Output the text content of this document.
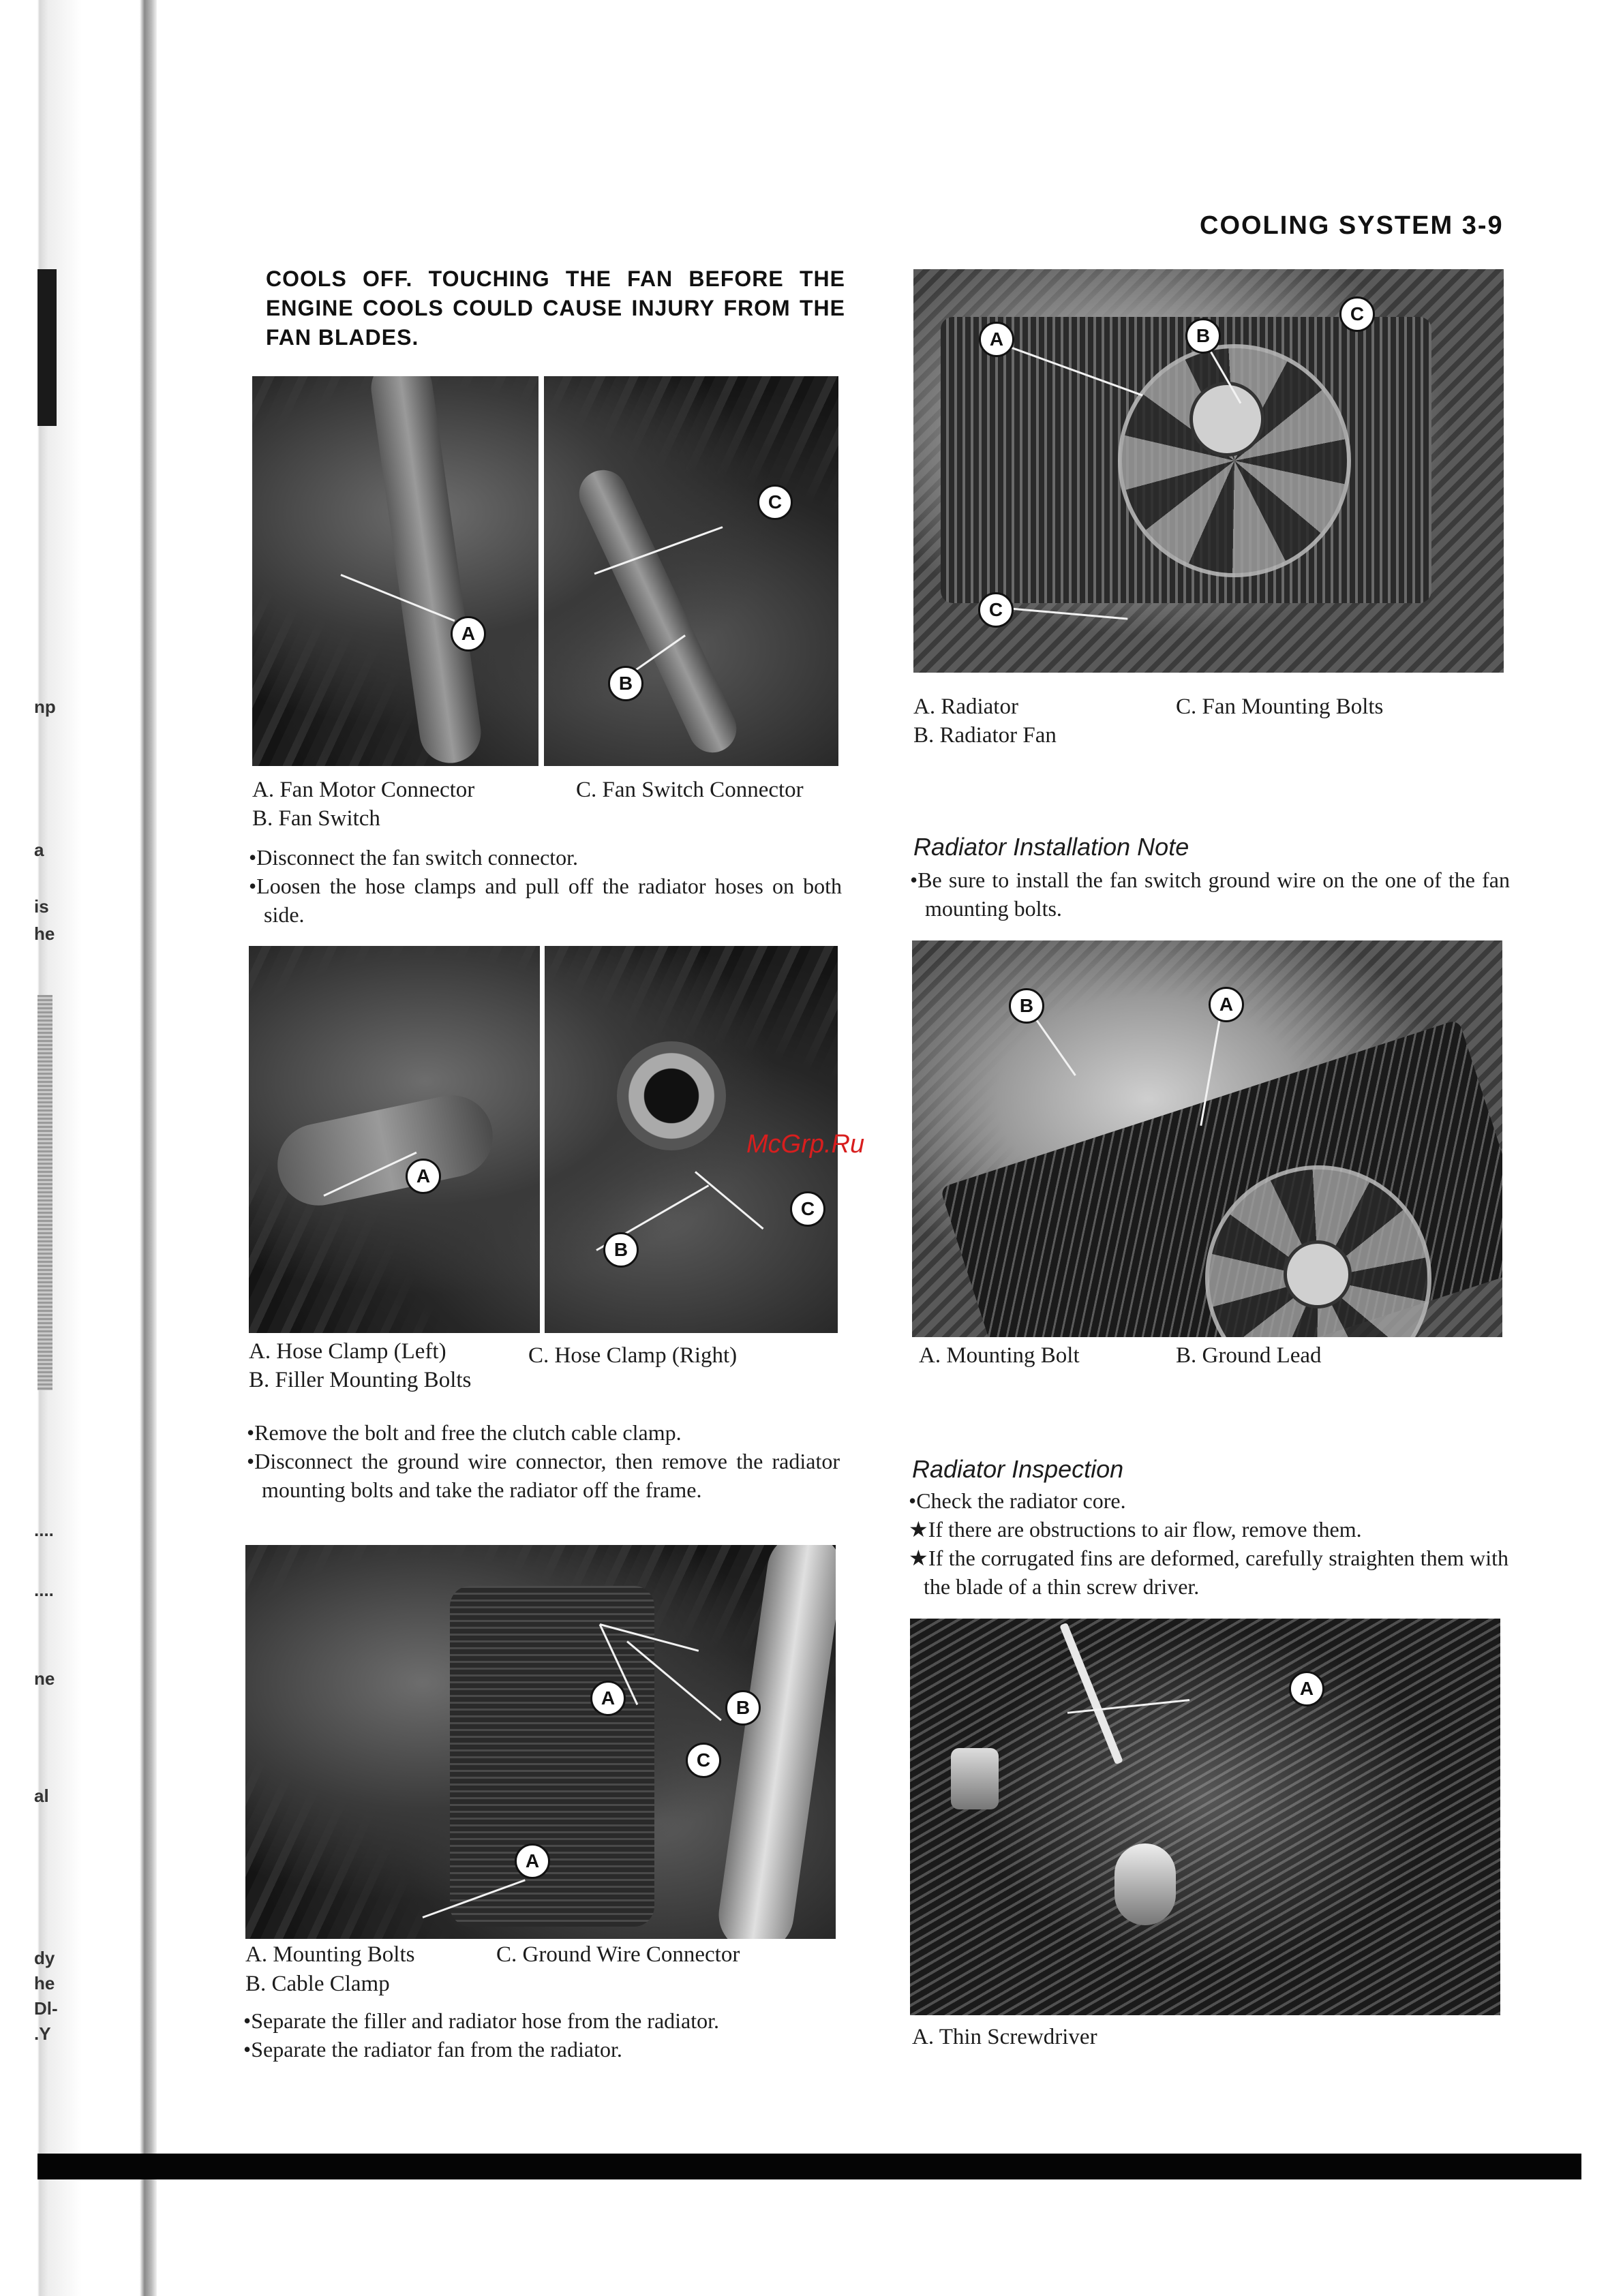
np
a
is
he
....
....
ne
al
dy
he
Dl-
.Y
COOLING SYSTEM 3-9
COOLS OFF. TOUCHING THE FAN BEFORE THE ENGINE COOLS COULD CAUSE INJURY FROM THE FAN BLADES.
A
C
B
A. Fan Motor Connector	C. Fan Switch Connector
B. Fan Switch

•Disconnect the fan switch connector.

•Loosen the hose clamps and pull off the radiator hoses on both side.

A
B
C
A. Hose Clamp (Left)	C. Hose Clamp (Right)
B. Filler Mounting Bolts

•Remove the bolt and free the clutch cable clamp.

•Disconnect the ground wire connector, then remove the radiator mounting bolts and take the radiator off the frame.

A	B
C
A
A. Mounting Bolts	C. Ground Wire Connector
B. Cable Clamp

•Separate the filler and radiator hose from the radiator.

•Separate the radiator fan from the radiator.

A	B
C
C
A. Radiator	C. Fan Mounting Bolts
B. Radiator Fan
Radiator Installation Note

•Be sure to install the fan switch ground wire on the one of the fan mounting bolts.

B	A
A. Mounting Bolt	B. Ground Lead
Radiator Inspection

•Check the radiator core.

★If there are obstructions to air flow, remove them.

★If the corrugated fins are deformed, carefully straighten them with the blade of a thin screw driver.

A
A. Thin Screwdriver
McGrp.Ru
